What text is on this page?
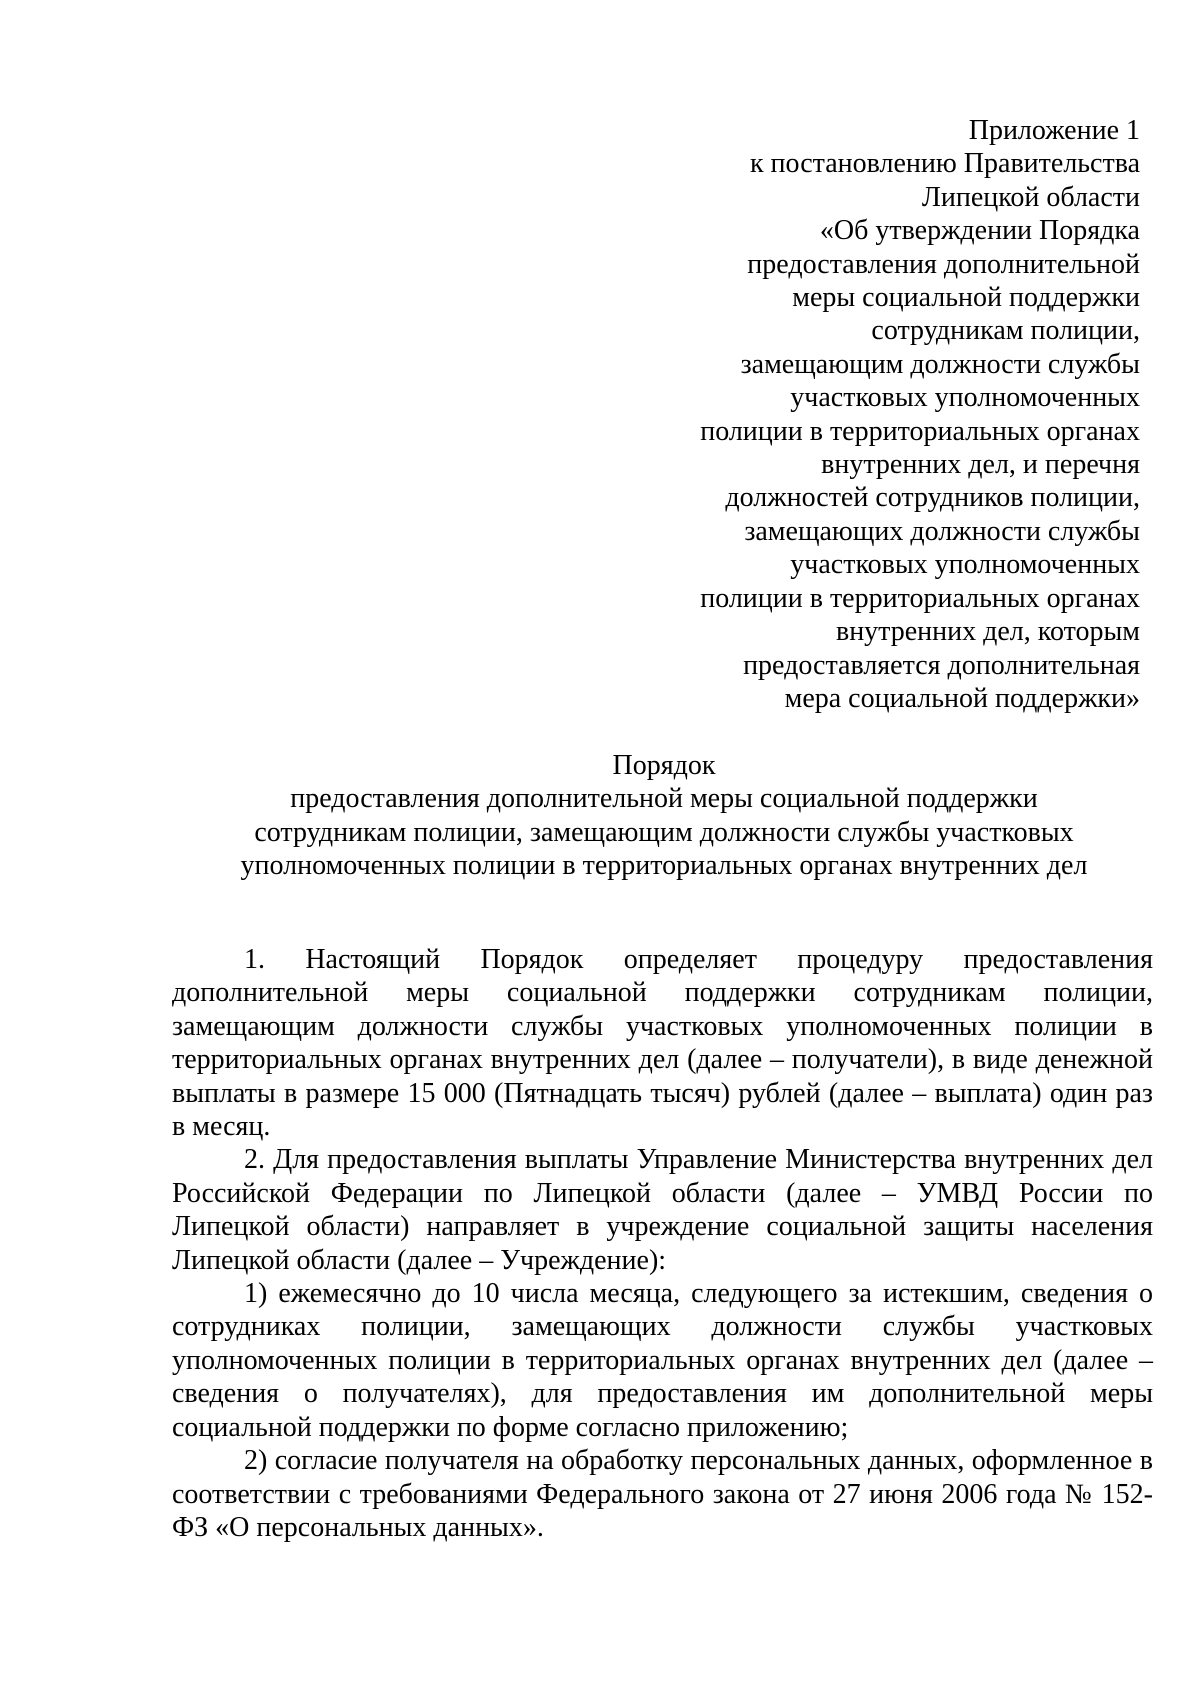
Приложение 1
к постановлению Правительства
Липецкой области
«Об утверждении Порядка
предоставления дополнительной
меры социальной поддержки
сотрудникам полиции,
замещающим должности службы
участковых уполномоченных
полиции в территориальных органах
внутренних дел, и перечня
должностей сотрудников полиции,
замещающих должности службы
участковых уполномоченных
полиции в территориальных органах
внутренних дел, которым
предоставляется дополнительная
мера социальной поддержки»
Порядок
предоставления дополнительной меры социальной поддержки
сотрудникам полиции, замещающим должности службы участковых
уполномоченных полиции в территориальных органах внутренних дел

1. Настоящий Порядок определяет процедуру предоставления дополнительной меры социальной поддержки сотрудникам полиции, замещающим должности службы участковых уполномоченных полиции в территориальных органах внутренних дел (далее – получатели), в виде денежной выплаты в размере 15 000 (Пятнадцать тысяч) рублей (далее – выплата) один раз в месяц.

2. Для предоставления выплаты Управление Министерства внутренних дел Российской Федерации по Липецкой области (далее – УМВД России по Липецкой области) направляет в учреждение социальной защиты населения Липецкой области (далее – Учреждение):

1) ежемесячно до 10 числа месяца, следующего за истекшим, сведения о сотрудниках полиции, замещающих должности службы участковых уполномоченных полиции в территориальных органах внутренних дел (далее – сведения о получателях), для предоставления им дополнительной меры социальной поддержки по форме согласно приложению;

2) согласие получателя на обработку персональных данных, оформленное в соответствии с требованиями Федерального закона от 27 июня 2006 года № 152-ФЗ «О персональных данных».
